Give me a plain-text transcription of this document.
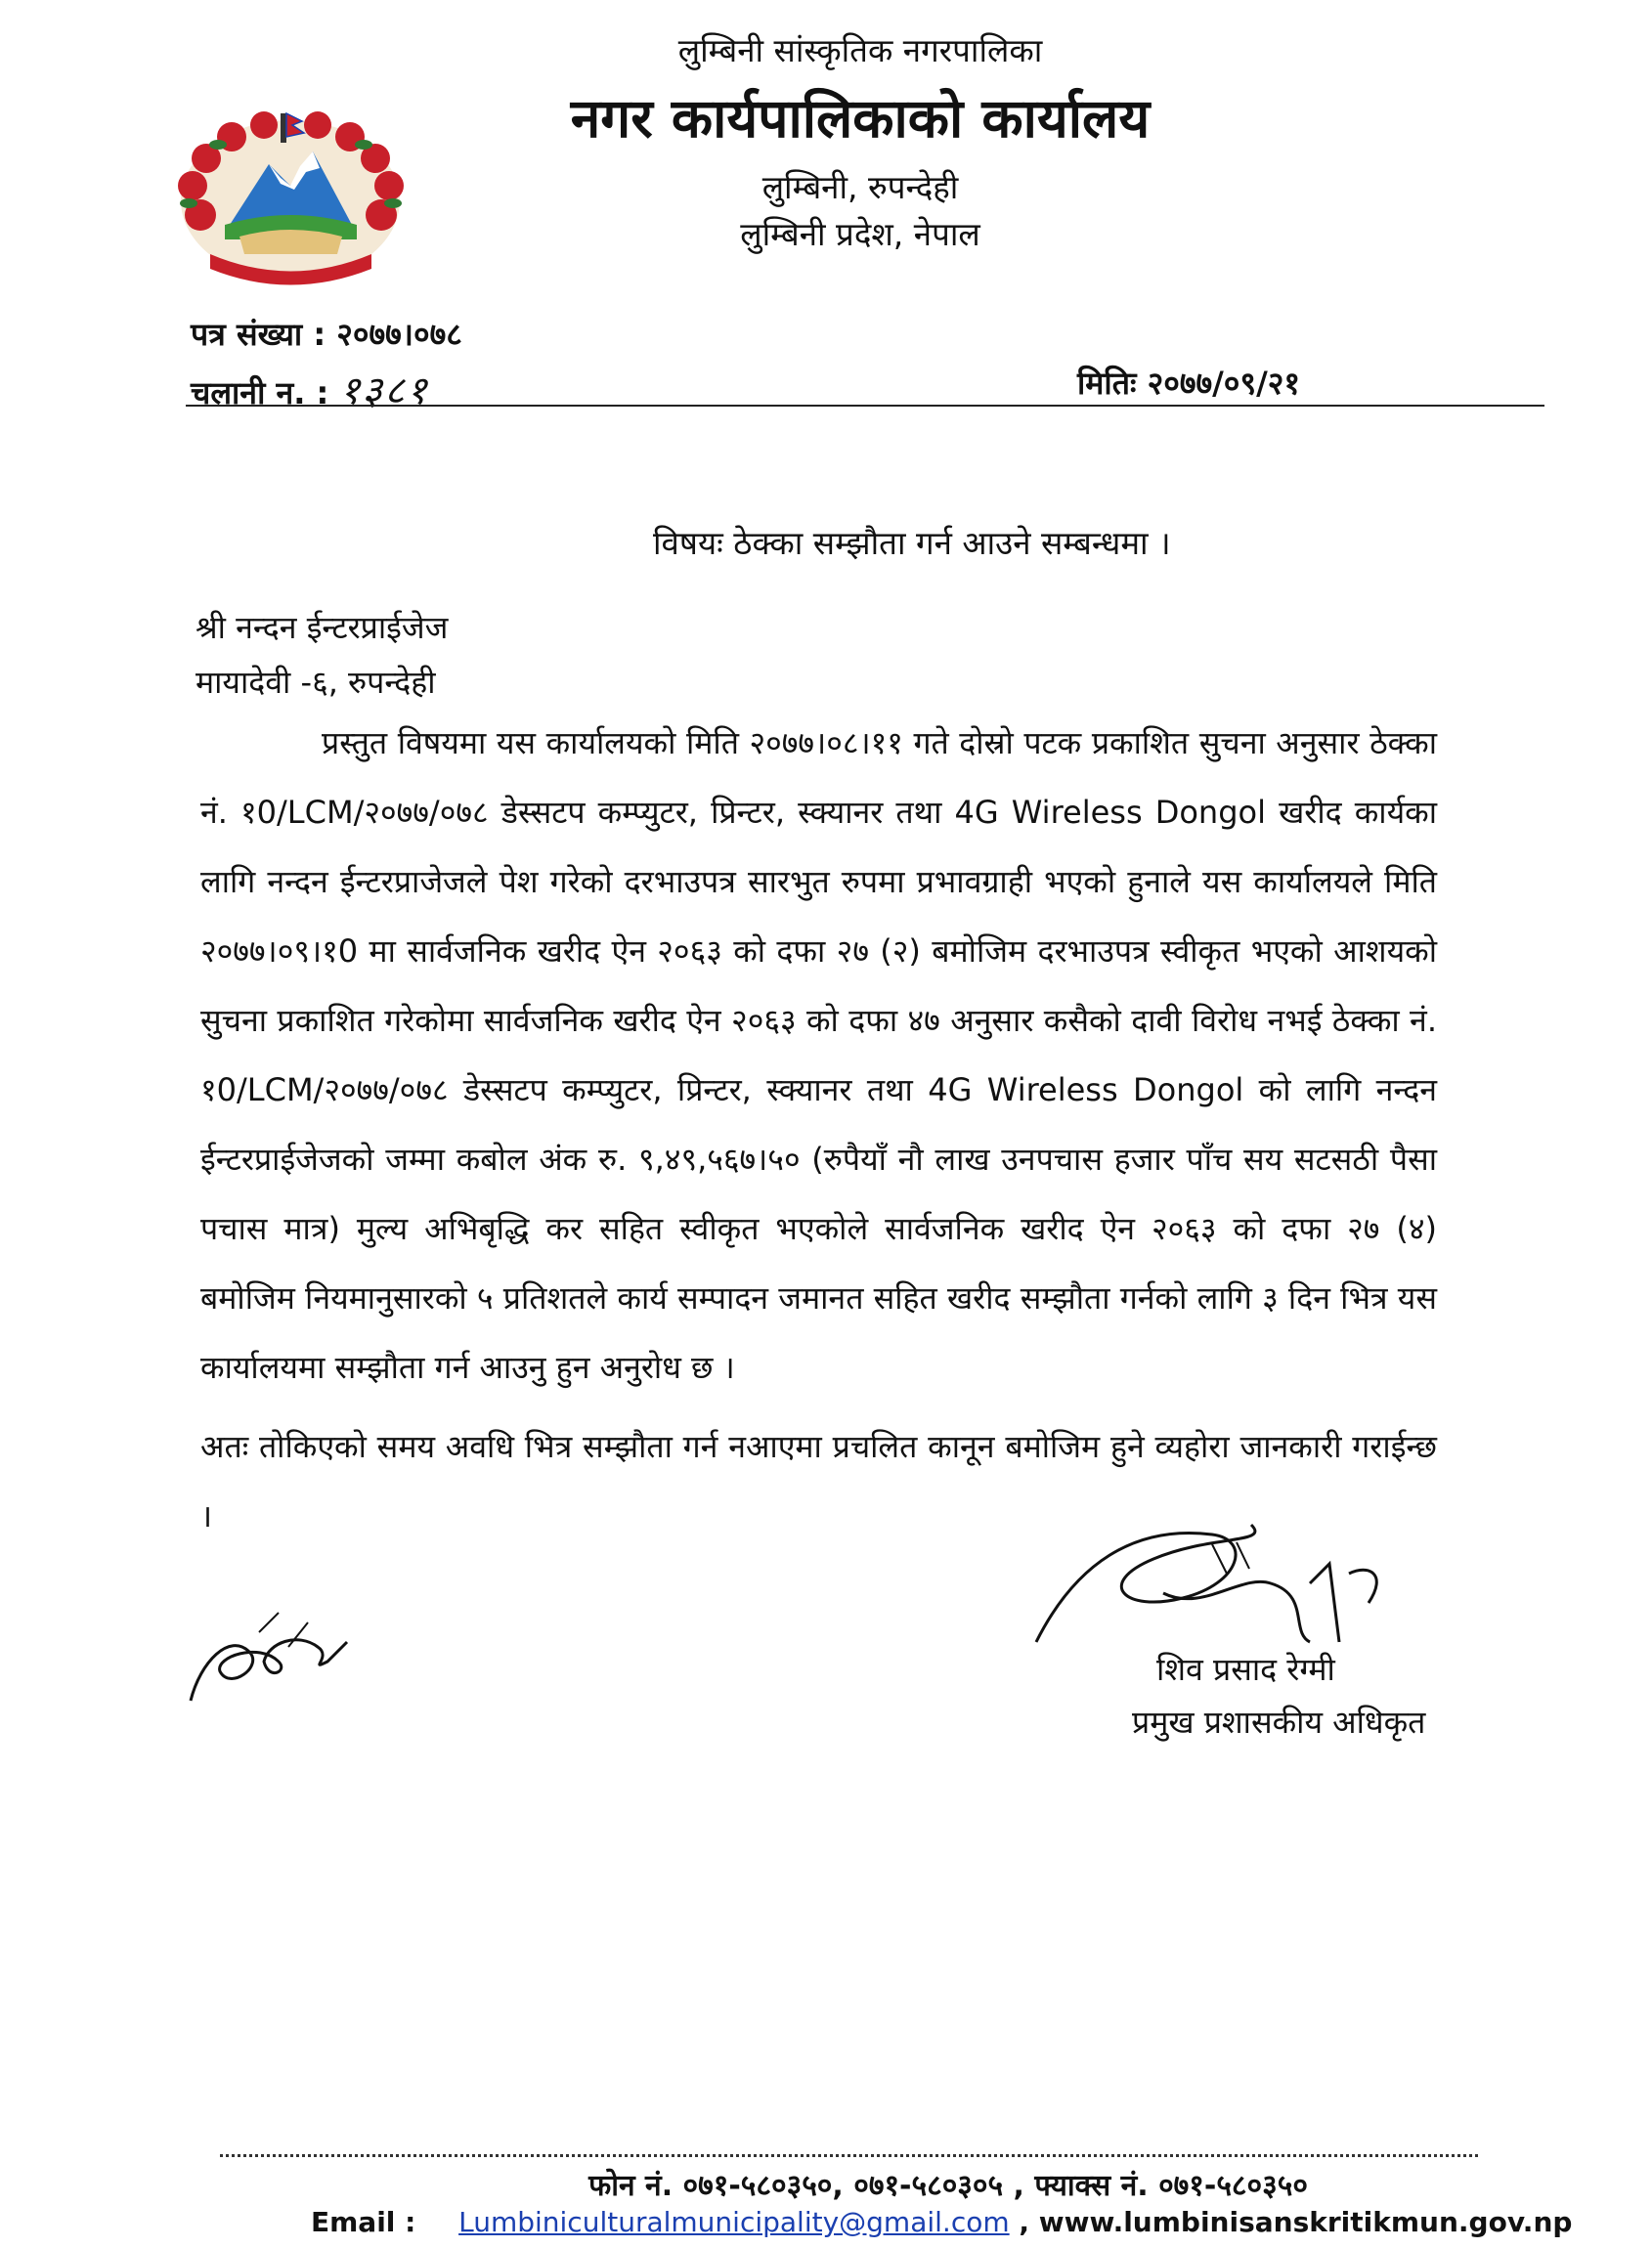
लुम्बिनी सांस्कृतिक नगरपालिका
नगर कार्यपालिकाको कार्यालय
लुम्बिनी, रुपन्देही
लुम्बिनी प्रदेश, नेपाल
पत्र संख्या : २०७७।०७८
चलानी न. : १३८१	मितिः २०७७/०९/२१
विषयः ठेक्का सम्झौता गर्न आउने सम्बन्धमा ।
श्री नन्दन ईन्टरप्राईजेज
मायादेवी -६, रुपन्देही

प्रस्तुत विषयमा यस कार्यालयको मिति २०७७।०८।११ गते दोस्रो पटक प्रकाशित सुचना अनुसार ठेक्का नं. १0/LCM/२०७७/०७८ डेस्सटप कम्प्युटर, प्रिन्टर, स्क्यानर तथा 4G Wireless Dongol खरीद कार्यका लागि नन्दन ईन्टरप्राजेजले पेश गरेको दरभाउपत्र सारभुत रुपमा प्रभावग्राही भएको हुनाले यस कार्यालयले मिति २०७७।०९।१0 मा सार्वजनिक खरीद ऐन २०६३ को दफा २७ (२) बमोजिम दरभाउपत्र स्वीकृत भएको आशयको सुचना प्रकाशित गरेकोमा सार्वजनिक खरीद ऐन २०६३ को दफा ४७ अनुसार कसैको दावी विरोध नभई ठेक्का नं. १0/LCM/२०७७/०७८ डेस्सटप कम्प्युटर, प्रिन्टर, स्क्यानर तथा 4G Wireless Dongol को लागि नन्दन ईन्टरप्राईजेजको जम्मा कबोल अंक रु. ९,४९,५६७।५० (रुपैयाँ नौ लाख उनपचास हजार पाँच सय सटसठी पैसा पचास मात्र) मुल्य अभिबृद्धि कर सहित स्वीकृत भएकोले सार्वजनिक खरीद ऐन २०६३ को दफा २७ (४) बमोजिम नियमानुसारको ५ प्रतिशतले कार्य सम्पादन जमानत सहित खरीद सम्झौता गर्नको लागि ३ दिन भित्र यस कार्यालयमा सम्झौता गर्न आउनु हुन अनुरोध छ ।

अतः तोकिएको समय अवधि भित्र सम्झौता गर्न नआएमा प्रचलित कानून बमोजिम हुने व्यहोरा जानकारी गराईन्छ ।

शिव प्रसाद रेग्मी
प्रमुख प्रशासकीय अधिकृत
फोन नं. ०७१-५८०३५०, ०७१-५८०३०५ , फ्याक्स नं. ०७१-५८०३५०
Email : Lumbiniculturalmunicipality@gmail.com , www.lumbinisanskritikmun.gov.np
